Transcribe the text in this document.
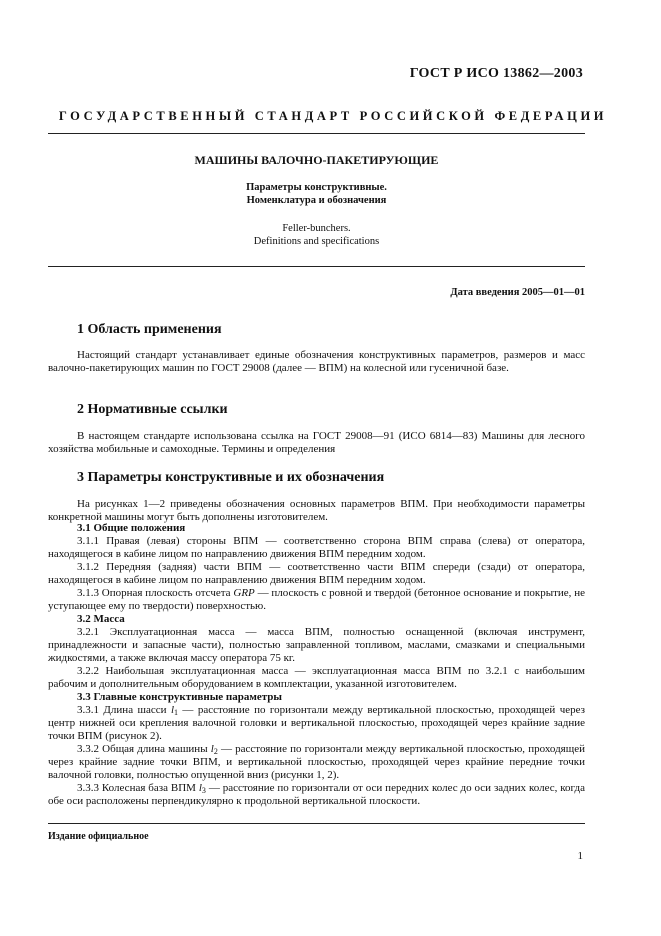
ГОСТ Р ИСО 13862—2003
ГОСУДАРСТВЕННЫЙ СТАНДАРТ РОССИЙСКОЙ ФЕДЕРАЦИИ
МАШИНЫ ВАЛОЧНО-ПАКЕТИРУЮЩИЕ
Параметры конструктивные.
Номенклатура и обозначения
Feller-bunchers.
Definitions and specifications
Дата введения 2005—01—01
1 Область применения

Настоящий стандарт устанавливает единые обозначения конструктивных параметров, размеров и масс валочно-пакетирующих машин по ГОСТ 29008 (далее — ВПМ) на колесной или гусеничной базе.

2 Нормативные ссылки

В настоящем стандарте использована ссылка на ГОСТ 29008—91 (ИСО 6814—83) Машины для лесного хозяйства мобильные и самоходные. Термины и определения

3 Параметры конструктивные и их обозначения

На рисунках 1—2 приведены обозначения основных параметров ВПМ. При необходимости параметры конкретной машины могут быть дополнены изготовителем.

3.1 Общие положения

3.1.1 Правая (левая) стороны ВПМ — соответственно сторона ВПМ справа (слева) от оператора, находящегося в кабине лицом по направлению движения ВПМ передним ходом.

3.1.2 Передняя (задняя) части ВПМ — соответственно части ВПМ спереди (сзади) от оператора, находящегося в кабине лицом по направлению движения ВПМ передним ходом.

3.1.3 Опорная плоскость отсчета GRP — плоскость с ровной и твердой (бетонное основание и покрытие, не уступающее ему по твердости) поверхностью.

3.2 Масса

3.2.1 Эксплуатационная масса — масса ВПМ, полностью оснащенной (включая инструмент, принадлежности и запасные части), полностью заправленной топливом, маслами, смазками и специальными жидкостями, а также включая массу оператора 75 кг.

3.2.2 Наибольшая эксплуатационная масса — эксплуатационная масса ВПМ по 3.2.1 с наибольшим рабочим и дополнительным оборудованием в комплектации, указанной изготовителем.

3.3 Главные конструктивные параметры

3.3.1 Длина шасси $l_1$ — расстояние по горизонтали между вертикальной плоскостью, проходящей через центр нижней оси крепления валочной головки и вертикальной плоскостью, проходящей через крайние задние точки ВПМ (рисунок 2).

3.3.2 Общая длина машины $l_2$ — расстояние по горизонтали между вертикальной плоскостью, проходящей через крайние задние точки ВПМ, и вертикальной плоскостью, проходящей через крайние передние точки валочной головки, полностью опущенной вниз (рисунки 1, 2).

3.3.3 Колесная база ВПМ $l_3$ — расстояние по горизонтали от оси передних колес до оси задних колес, когда обе оси расположены перпендикулярно к продольной вертикальной плоскости.

Издание официальное
1
